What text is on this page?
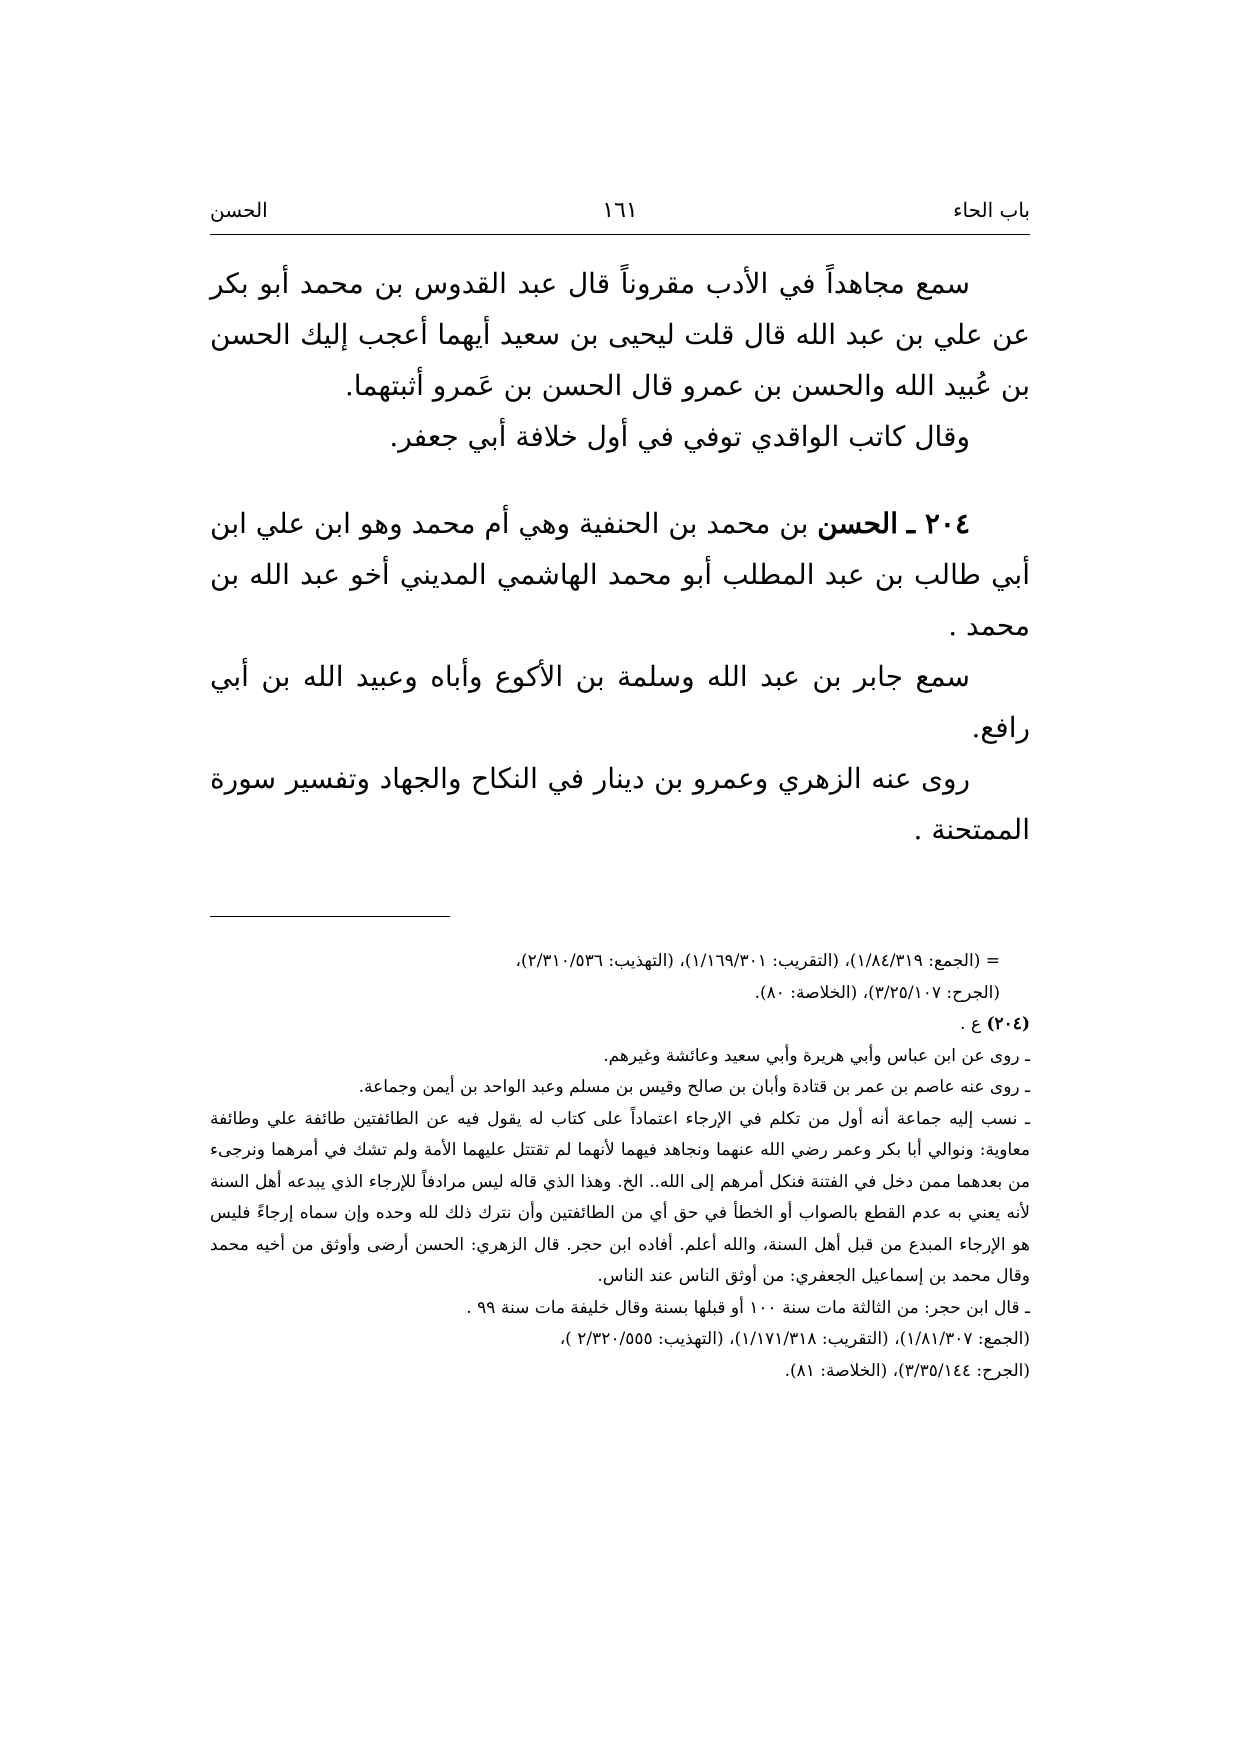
باب الحاء
١٦١
الحسن

سمع مجاهداً في الأدب مقروناً قال عبد القدوس بن محمد أبو بكر عن علي بن عبد الله قال قلت ليحيى بن سعيد أيهما أعجب إليك الحسن بن عُبيد الله والحسن بن عمرو قال الحسن بن عَمرو أثبتهما.

وقال كاتب الواقدي توفي في أول خلافة أبي جعفر.

٢٠٤ ـ الحسن بن محمد بن الحنفية وهي أم محمد وهو ابن علي ابن أبي طالب بن عبد المطلب أبو محمد الهاشمي المديني أخو عبد الله بن محمد .

سمع جابر بن عبد الله وسلمة بن الأكوع وأباه وعبيد الله بن أبي رافع.

روى عنه الزهري وعمرو بن دينار في النكاح والجهاد وتفسير سورة الممتحنة .

= (الجمع: ١/٨٤/٣١٩)، (التقريب: ١/١٦٩/٣٠١)، (التهذيب: ٢/٣١٠/٥٣٦)،

(الجرح: ٣/٢٥/١٠٧)، (الخلاصة: ٨٠).

(٢٠٤) ع .

ـ روى عن ابن عباس وأبي هريرة وأبي سعيد وعائشة وغيرهم.

ـ روى عنه عاصم بن عمر بن قتادة وأبان بن صالح وقيس بن مسلم وعبد الواحد بن أيمن وجماعة.

ـ نسب إليه جماعة أنه أول من تكلم في الإرجاء اعتماداً على كتاب له يقول فيه عن الطائفتين طائفة علي وطائفة معاوية: ونوالي أبا بكر وعمر رضي الله عنهما ونجاهد فيهما لأنهما لم تقتتل عليهما الأمة ولم تشك في أمرهما ونرجىء من بعدهما ممن دخل في الفتنة فنكل أمرهم إلى الله.. الخ. وهذا الذي قاله ليس مرادفاً للإرجاء الذي يبدعه أهل السنة لأنه يعني به عدم القطع بالصواب أو الخطأ في حق أي من الطائفتين وأن نترك ذلك لله وحده وإن سماه إرجاءً فليس هو الإرجاء المبدع من قبل أهل السنة، والله أعلم. أفاده ابن حجر. قال الزهري: الحسن أرضى وأوثق من أخيه محمد وقال محمد بن إسماعيل الجعفري: من أوثق الناس عند الناس.

ـ قال ابن حجر: من الثالثة مات سنة ١٠٠ أو قبلها بسنة وقال خليفة مات سنة ٩٩ .

(الجمع: ١/٨١/٣٠٧)، (التقريب: ١/١٧١/٣١٨)، (التهذيب: ٢/٣٢٠/٥٥٥ )،

(الجرح: ٣/٣٥/١٤٤)، (الخلاصة: ٨١).
